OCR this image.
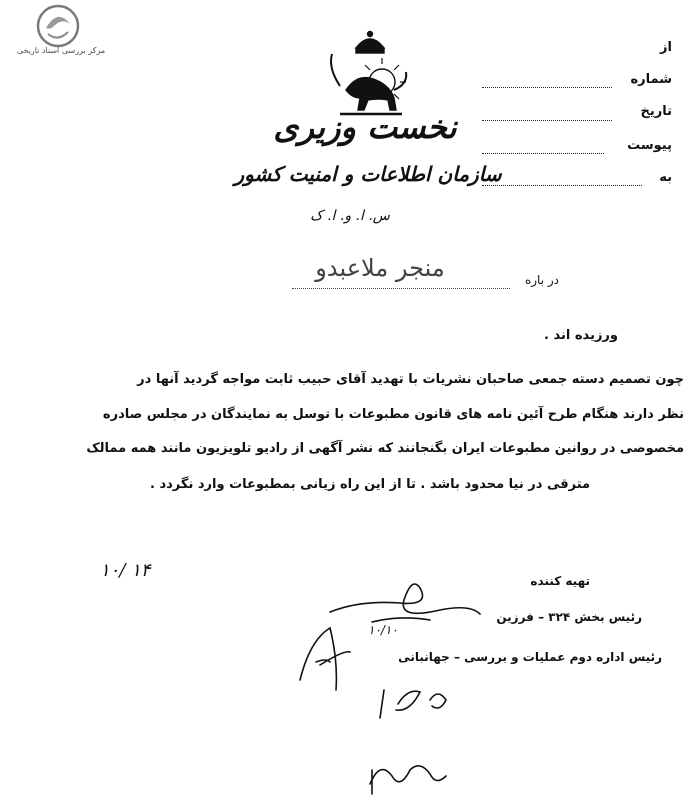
مرکز بررسی اسناد تاریخی
نخست وزیری
سازمان اطلاعات و امنیت کشور
س. ا. و. ا. ک
از
شماره
تاریخ
پیوست
به
در باره
منجر ملاعبدو
ورزیده اند .
چون تصمیم دسته جمعی صاحبان نشریات با تهدید آقای حبیب ثابت مواجه گردید آنها در
نظر دارند هنگام طرح آئین نامه های قانون مطبوعات با توسل به نمایندگان در مجلس صادره
مخصوصی در روانین مطبوعات ایران بگنجانند که نشر آگهی از رادیو تلویزیون مانند همه ممالک
مترقی در نیا محدود باشد . تا از این راه زیانی بمطبوعات وارد نگردد .
۱۰/ ۱۴	تهیه کننده
رئیس بخش ۳۲۴ – فرزین
۱۰/۱۰
رئیس اداره دوم عملیات و بررسی – جهانبانی
